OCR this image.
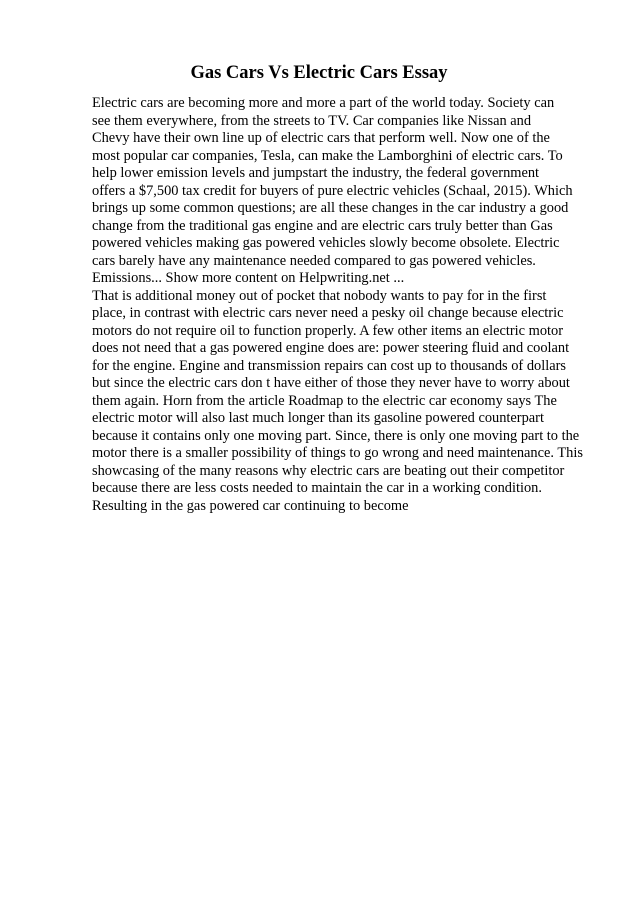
Gas Cars Vs Electric Cars Essay
Electric cars are becoming more and more a part of the world today. Society can
see them everywhere, from the streets to TV. Car companies like Nissan and
Chevy have their own line up of electric cars that perform well. Now one of the
most popular car companies, Tesla, can make the Lamborghini of electric cars. To
help lower emission levels and jumpstart the industry, the federal government
offers a $7,500 tax credit for buyers of pure electric vehicles (Schaal, 2015). Which
brings up some common questions; are all these changes in the car industry a good
change from the traditional gas engine and are electric cars truly better than Gas
powered vehicles making gas powered vehicles slowly become obsolete. Electric
cars barely have any maintenance needed compared to gas powered vehicles.
Emissions... Show more content on Helpwriting.net ...
That is additional money out of pocket that nobody wants to pay for in the first
place, in contrast with electric cars never need a pesky oil change because electric
motors do not require oil to function properly. A few other items an electric motor
does not need that a gas powered engine does are: power steering fluid and coolant
for the engine. Engine and transmission repairs can cost up to thousands of dollars
but since the electric cars don t have either of those they never have to worry about
them again. Horn from the article Roadmap to the electric car economy says The
electric motor will also last much longer than its gasoline powered counterpart
because it contains only one moving part. Since, there is only one moving part to the
motor there is a smaller possibility of things to go wrong and need maintenance. This
showcasing of the many reasons why electric cars are beating out their competitor
because there are less costs needed to maintain the car in a working condition.
Resulting in the gas powered car continuing to become
